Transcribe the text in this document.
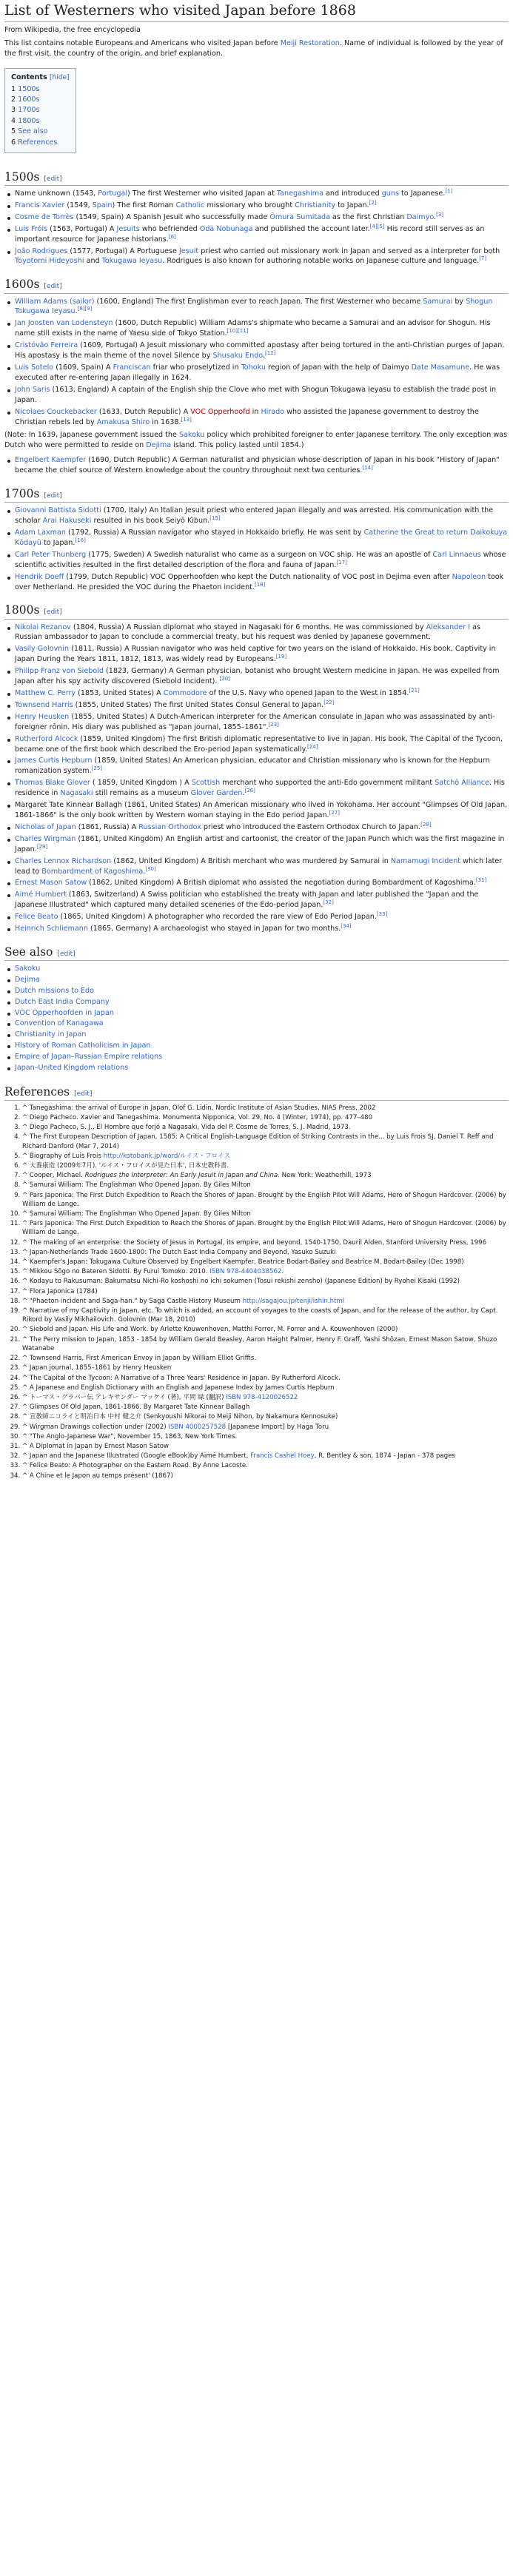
List of Westerners who visited Japan before 1868
From Wikipedia, the free encyclopedia

This list contains notable Europeans and Americans who visited Japan before Meiji Restoration. Name of individual is followed by the year of the first visit, the country of the origin, and brief explanation.

Contents [hide]
1 1500s
2 1600s
3 1700s
4 1800s
5 See also
6 References
1500s [edit]
Name unknown (1543, Portugal) The first Westerner who visited Japan at Tanegashima and introduced guns to Japanese.[1]
Francis Xavier (1549, Spain) The first Roman Catholic missionary who brought Christianity to Japan.[2]
Cosme de Torrès (1549, Spain) A Spanish Jesuit who successfully made Ōmura Sumitada as the first Christian Daimyo.[3]
Luis Fróis (1563, Portugal) A Jesuits who befriended Oda Nobunaga and published the account later.[4][5] His record still serves as an important resource for Japanese historians.[6]
João Rodrigues (1577, Portugal) A Portuguese Jesuit priest who carried out missionary work in Japan and served as a interpreter for both Toyotomi Hideyoshi and Tokugawa Ieyasu. Rodrigues is also known for authoring notable works on Japanese culture and language.[7]
1600s [edit]
William Adams (sailor) (1600, England) The first Englishman ever to reach Japan. The first Westerner who became Samurai by Shogun Tokugawa Ieyasu.[8][9]
Jan Joosten van Lodensteyn (1600, Dutch Republic) William Adams's shipmate who became a Samurai and an advisor for Shogun. His name still exists in the name of Yaesu side of Tokyo Station.[10][11]
Cristóvão Ferreira (1609, Portugal) A Jesuit missionary who committed apostasy after being tortured in the anti-Christian purges of Japan. His apostasy is the main theme of the novel Silence by Shusaku Endo.[12]
Luis Sotelo (1609, Spain) A Franciscan friar who proselytized in Tohoku region of Japan with the help of Daimyo Date Masamune. He was executed after re-entering Japan illegally in 1624.
John Saris (1613, England) A captain of the English ship the Clove who met with Shogun Tokugawa Ieyasu to establish the trade post in Japan.
Nicolaes Couckebacker (1633, Dutch Republic) A VOC Opperhoofd in Hirado who assisted the Japanese government to destroy the Christian rebels led by Amakusa Shiro in 1638.[13]

(Note: In 1639, Japanese government issued the Sakoku policy which prohibited foreigner to enter Japanese territory. The only exception was Dutch who were permitted to reside on Dejima island. This policy lasted until 1854.)

Engelbert Kaempfer (1690, Dutch Republic) A German naturalist and physician whose description of Japan in his book "History of Japan" became the chief source of Western knowledge about the country throughout next two centuries.[14]
1700s [edit]
Giovanni Battista Sidotti (1700, Italy) An Italian Jesuit priest who entered Japan illegally and was arrested. His communication with the scholar Arai Hakuseki resulted in his book Seiyō Kibun.[15]
Adam Laxman (1792, Russia) A Russian navigator who stayed in Hokkaido briefly. He was sent by Catherine the Great to return Daikokuya Kōdayū to Japan.[16]
Carl Peter Thunberg (1775, Sweden) A Swedish naturalist who came as a surgeon on VOC ship. He was an apostle of Carl Linnaeus whose scientific activities resulted in the first detailed description of the flora and fauna of Japan.[17]
Hendrik Doeff (1799, Dutch Republic) VOC Opperhoofden who kept the Dutch nationality of VOC post in Dejima even after Napoleon took over Netherland. He presided the VOC during the Phaeton incident.[18]
1800s [edit]
Nikolai Rezanov (1804, Russia) A Russian diplomat who stayed in Nagasaki for 6 months. He was commissioned by Aleksander I as Russian ambassador to Japan to conclude a commercial treaty, but his request was denied by Japanese government.
Vasily Golovnin (1811, Russia) A Russian navigator who was held captive for two years on the island of Hokkaido. His book, Captivity in Japan During the Years 1811, 1812, 1813, was widely read by Europeans.[19]
Philipp Franz von Siebold (1823, Germany) A German physician, botanist who brought Western medicine in Japan. He was expelled from Japan after his spy activity discovered (Siebold Incident). [20]
Matthew C. Perry (1853, United States) A Commodore of the U.S. Navy who opened Japan to the West in 1854.[21]
Townsend Harris (1855, United States) The first United States Consul General to Japan.[22]
Henry Heusken (1855, United States) A Dutch-American interpreter for the American consulate in Japan who was assassinated by anti-foreigner rōnin. His diary was published as "Japan journal, 1855–1861".[23]
Rutherford Alcock (1859, United Kingdom) The first British diplomatic representative to live in Japan. His book, The Capital of the Tycoon, became one of the first book which described the Ero-period Japan systematically.[24]
James Curtis Hepburn (1859, United States) An American physician, educator and Christian missionary who is known for the Hepburn romanization system.[25]
Thomas Blake Glover ( 1859, United Kingdom ) A Scottish merchant who supported the anti-Edo government militant Satchō Alliance. His residence in Nagasaki still remains as a museum Glover Garden.[26]
Margaret Tate Kinnear Ballagh (1861, United States) An American missionary who lived in Yokohama. Her account "Glimpses Of Old Japan, 1861-1866" is the only book written by Western woman staying in the Edo period Japan.[27]
Nicholas of Japan (1861, Russia) A Russian Orthodox priest who introduced the Eastern Orthodox Church to Japan.[28]
Charles Wirgman (1861, United Kingdom) An English artist and cartoonist, the creator of the Japan Punch which was the first magazine in Japan.[29]
Charles Lennox Richardson (1862, United Kingdom) A British merchant who was murdered by Samurai in Namamugi Incident which later lead to Bombardment of Kagoshima.[30]
Ernest Mason Satow (1862, United Kingdom) A British diplomat who assisted the negotiation during Bombardment of Kagoshima.[31]
Aimé Humbert (1863, Switzerland) A Swiss politician who established the treaty with Japan and later published the "Japan and the Japanese Illustrated" which captured many detailed sceneries of the Edo-period Japan.[32]
Felice Beato (1865, United Kingdom) A photographer who recorded the rare view of Edo Period Japan.[33]
Heinrich Schliemann (1865, Germany) A archaeologist who stayed in Japan for two months.[34]
See also [edit]
Sakoku
Dejima
Dutch missions to Edo
Dutch East India Company
VOC Opperhoofden in Japan
Convention of Kanagawa
Christianity in Japan
History of Roman Catholicism in Japan
Empire of Japan–Russian Empire relations
Japan–United Kingdom relations
References [edit]
1. ^ Tanegashima: the arrival of Europe in Japan, Olof G. Lidin, Nordic Institute of Asian Studies, NIAS Press, 2002
2. ^ Diego Pacheco. Xavier and Tanegashima. Monumenta Nipponica, Vol. 29, No. 4 (Winter, 1974), pp. 477–480
3. ^ Diego Pacheco, S. J., El Hombre que forjó a Nagasaki, Vida del P. Cosme de Torres, S. J. Madrid, 1973.
4. ^ The First European Description of Japan, 1585: A Critical English-Language Edition of Striking Contrasts in the... by Luis Frois SJ, Daniel T. Reff and Richard Danford (Mar 7, 2014)
5. ^ Biography of Luis Frois http://kotobank.jp/word/ルイス・フロイス
6. ^ 大養康造 (2009年7月). 'ルイス・フロイスが見た日本', 日本史教科書.
7. ^ Cooper, Michael. Rodrigues the Interpreter: An Early Jesuit in Japan and China. New York: Weatherhill, 1973
8. ^ Samurai William: The Englishman Who Opened Japan. By Giles Milton
9. ^ Pars Japonica: The First Dutch Expedition to Reach the Shores of Japan. Brought by the English Pilot Will Adams, Hero of Shogun Hardcover. (2006) by William de Lange.
10. ^ Samurai William: The Englishman Who Opened Japan. By Giles Milton
11. ^ Pars Japonica: The First Dutch Expedition to Reach the Shores of Japan. Brought by the English Pilot Will Adams, Hero of Shogun Hardcover. (2006) by William de Lange.
12. ^ The making of an enterprise: the Society of Jesus in Portugal, its empire, and beyond, 1540-1750, Dauril Alden, Stanford University Press, 1996
13. ^ Japan-Netherlands Trade 1600-1800: The Dutch East India Company and Beyond, Yasuko Suzuki
14. ^ Kaempfer's Japan: Tokugawa Culture Observed by Engelbert Kaempfer, Beatrice Bodart-Bailey and Beatrice M. Bodart-Bailey (Dec 1998)
15. ^ Mikkou Sōgo no Bateren Sidotti. By Furui Tomoko. 2010. ISBN 978-4404038562.
16. ^ Kodayu to Rakusuman: Bakumatsu Nichi-Ro koshoshi no ichi sokumen (Tosui rekishi zensho) (Japanese Edition) by Ryohei Kisaki (1992)
17. ^ Flora Japonica (1784)
18. ^ "Phaeton incident and Saga-han." by Saga Castle History Museum http://sagajou.jp/tenji/ishin.html
19. ^ Narrative of my Captivity in Japan, etc. To which is added, an account of voyages to the coasts of Japan, and for the release of the author, by Capt. Rikord by Vasily Mikhailovich. Golovnin (Mar 18, 2010)
20. ^ Siebold and Japan. His Life and Work. by Arlette Kouwenhoven, Matthi Forrer, M. Forrer and A. Kouwenhoven (2000)
21. ^ The Perry mission to Japan, 1853 - 1854 by William Gerald Beasley, Aaron Haight Palmer, Henry F. Graff, Yashi Shōzan, Ernest Mason Satow, Shuzo Watanabe
22. ^ Townsend Harris, First American Envoy in Japan by William Elliot Griffis.
23. ^ Japan journal, 1855–1861 by Henry Heusken
24. ^ The Capital of the Tycoon: A Narrative of a Three Years' Residence in Japan. By Rutherford Alcock.
25. ^ A Japanese and English Dictionary with an English and Japanese Index by James Curtis Hepburn
26. ^ トーマス・グラバー伝 アレキサンダー マッケイ (著), 平岡 緑 (翻訳) ISBN 978-4120026522
27. ^ Glimpses Of Old Japan, 1861-1866. By Margaret Tate Kinnear Ballagh
28. ^ 宣教師ニコライと明治日本 中村 健之介 (Senkyoushi Nikorai to Meiji Nihon, by Nakamura Kennosuke)
29. ^ Wirgman Drawings collection under (2002) ISBN 4000257528 [Japanese Import] by Haga Toru
30. ^ "The Anglo-Japanese War", November 15, 1863, New York Times.
31. ^ A Diplomat in Japan by Ernest Mason Satow
32. ^ Japan and the Japanese Illustrated (Google eBook)by Aimé Humbert, Francis Cashel Hoey, R. Bentley & son, 1874 - Japan - 378 pages
33. ^ Felice Beato: A Photographer on the Eastern Road. By Anne Lacoste.
34. ^ A Chine et le Japon au temps présent' (1867)
